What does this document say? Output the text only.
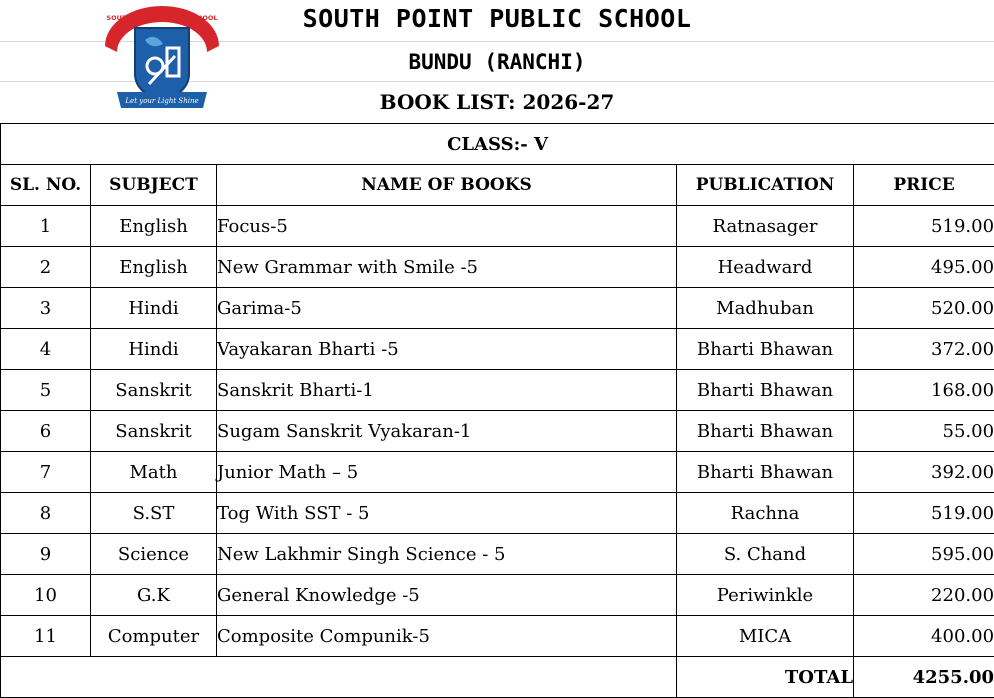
Let your Light Shine
SOUTH POINT PUBLIC SCHOOL	SOUTH POINT PUBLIC SCHOOL
BUNDU (RANCHI)
BOOK LIST: 2026-27
CLASS:- V				
SL. NO.	SUBJECT	NAME OF BOOKS	PUBLICATION	PRICE
1	English	Focus-5	Ratnasager	519.00
2	English	New Grammar with Smile -5	Headward	495.00
3	Hindi	Garima-5	Madhuban	520.00
4	Hindi	Vayakaran Bharti -5	Bharti Bhawan	372.00
5	Sanskrit	Sanskrit Bharti-1	Bharti Bhawan	168.00
6	Sanskrit	Sugam Sanskrit Vyakaran-1	Bharti Bhawan	55.00
7	Math	Junior Math – 5	Bharti Bhawan	392.00
8	S.ST	Tog With SST - 5	Rachna	519.00
9	Science	New Lakhmir Singh Science - 5	S. Chand	595.00
10	G.K	General Knowledge -5	Periwinkle	220.00
11	Computer	Composite Compunik-5	MICA	400.00
			TOTAL	4255.00
